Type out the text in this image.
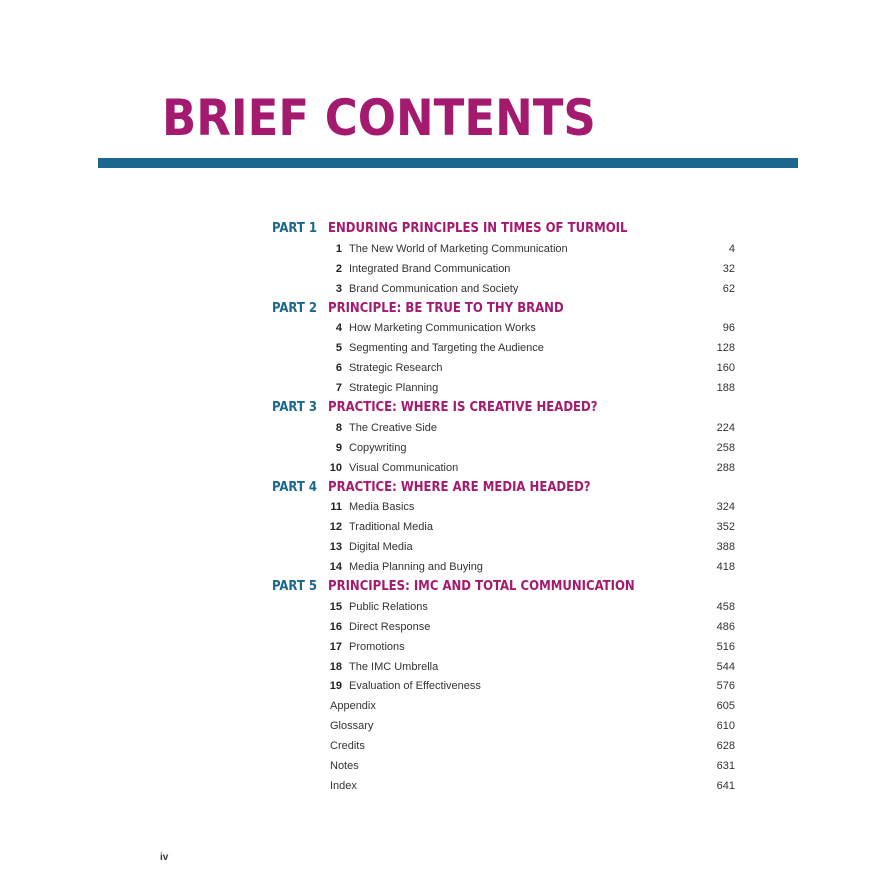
BRIEF CONTENTS
PART 1 ENDURING PRINCIPLES IN TIMES OF TURMOIL
1 The New World of Marketing Communication	4
2 Integrated Brand Communication	32
3 Brand Communication and Society	62
PART 2 PRINCIPLE: BE TRUE TO THY BRAND
4 How Marketing Communication Works	96
5 Segmenting and Targeting the Audience	128
6 Strategic Research	160
7 Strategic Planning	188
PART 3 PRACTICE: WHERE IS CREATIVE HEADED?
8 The Creative Side	224
9 Copywriting	258
10 Visual Communication	288
PART 4 PRACTICE: WHERE ARE MEDIA HEADED?
11 Media Basics	324
12 Traditional Media	352
13 Digital Media	388
14 Media Planning and Buying	418
PART 5 PRINCIPLES: IMC AND TOTAL COMMUNICATION
15 Public Relations	458
16 Direct Response	486
17 Promotions	516
18 The IMC Umbrella	544
19 Evaluation of Effectiveness	576
Appendix	605
Glossary	610
Credits	628
Notes	631
Index	641
iv
